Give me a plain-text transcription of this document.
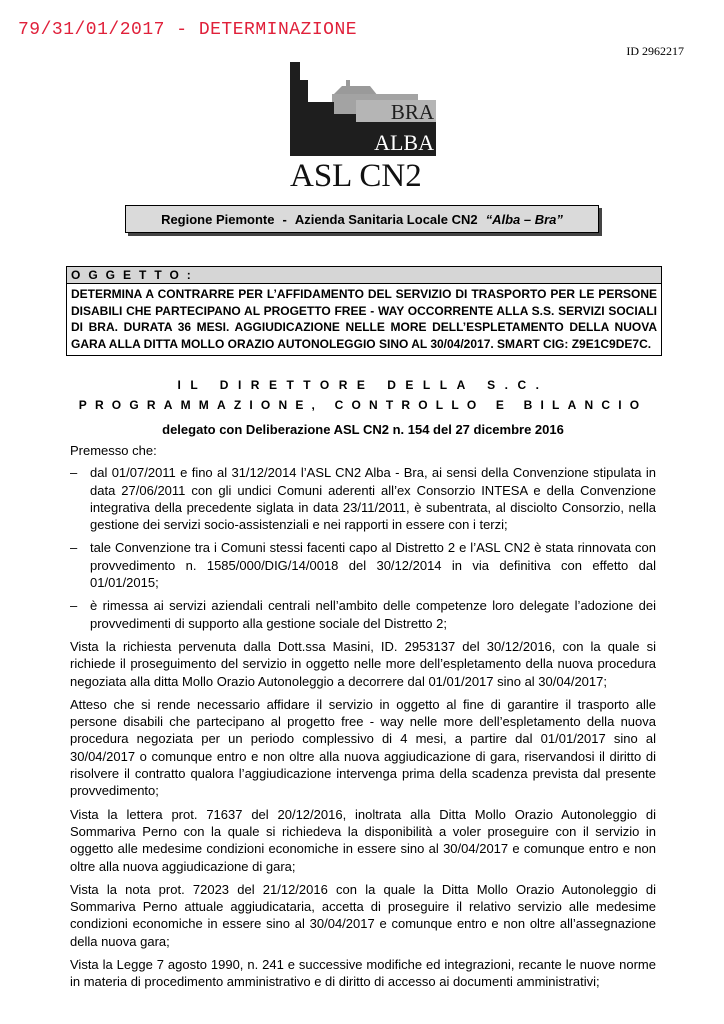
79/31/01/2017 - DETERMINAZIONE
ID 2962217
BRA
ALBA
ASL CN2
Regione Piemonte - Azienda Sanitaria Locale CN2 “Alba – Bra”
OGGETTO:
DETERMINA A CONTRARRE PER L’AFFIDAMENTO DEL SERVIZIO DI TRASPORTO PER LE PERSONE DISABILI CHE PARTECIPANO AL PROGETTO FREE - WAY OCCORRENTE ALLA S.S. SERVIZI SOCIALI DI BRA. DURATA 36 MESI. AGGIUDICAZIONE NELLE MORE DELL’ESPLETAMENTO DELLA NUOVA GARA ALLA DITTA MOLLO ORAZIO AUTONOLEGGIO SINO AL 30/04/2017. SMART CIG: Z9E1C9DE7C.
IL DIRETTORE DELLA S.C.
PROGRAMMAZIONE, CONTROLLO E BILANCIO
delegato con Deliberazione ASL CN2 n. 154 del 27 dicembre 2016

Premesso che:

– dal 01/07/2011 e fino al 31/12/2014 l’ASL CN2 Alba - Bra, ai sensi della Convenzione stipulata in data 27/06/2011 con gli undici Comuni aderenti all’ex Consorzio INTESA e della Convenzione integrativa della precedente siglata in data 23/11/2011, è subentrata, al disciolto Consorzio, nella gestione dei servizi socio-assistenziali e nei rapporti in essere con i terzi;
– tale Convenzione tra i Comuni stessi facenti capo al Distretto 2 e l’ASL CN2 è stata rinnovata con provvedimento n. 1585/000/DIG/14/0018 del 30/12/2014 in via definitiva con effetto dal 01/01/2015;
– è rimessa ai servizi aziendali centrali nell’ambito delle competenze loro delegate l’adozione dei provvedimenti di supporto alla gestione sociale del Distretto 2;

Vista la richiesta pervenuta dalla Dott.ssa Masini, ID. 2953137 del 30/12/2016, con la quale si richiede il proseguimento del servizio in oggetto nelle more dell’espletamento della nuova procedura negoziata alla ditta Mollo Orazio Autonoleggio a decorrere dal 01/01/2017 sino al 30/04/2017;

Atteso che si rende necessario affidare il servizio in oggetto al fine di garantire il trasporto alle persone disabili che partecipano al progetto free - way nelle more dell’espletamento della nuova procedura negoziata per un periodo complessivo di 4 mesi, a partire dal 01/01/2017 sino al 30/04/2017 o comunque entro e non oltre alla nuova aggiudicazione di gara, riservandosi il diritto di risolvere il contratto qualora l’aggiudicazione intervenga prima della scadenza prevista dal presente provvedimento;

Vista la lettera prot. 71637 del 20/12/2016, inoltrata alla Ditta Mollo Orazio Autonoleggio di Sommariva Perno con la quale si richiedeva la disponibilità a voler proseguire con il servizio in oggetto alle medesime condizioni economiche in essere sino al 30/04/2017 e comunque entro e non oltre alla nuova aggiudicazione di gara;

Vista la nota prot. 72023 del 21/12/2016 con la quale la Ditta Mollo Orazio Autonoleggio di Sommariva Perno attuale aggiudicataria, accetta di proseguire il relativo servizio alle medesime condizioni economiche in essere sino al 30/04/2017 e comunque entro e non oltre all’assegnazione della nuova gara;

Vista la Legge 7 agosto 1990, n. 241 e successive modifiche ed integrazioni, recante le nuove norme in materia di procedimento amministrativo e di diritto di accesso ai documenti amministrativi;
